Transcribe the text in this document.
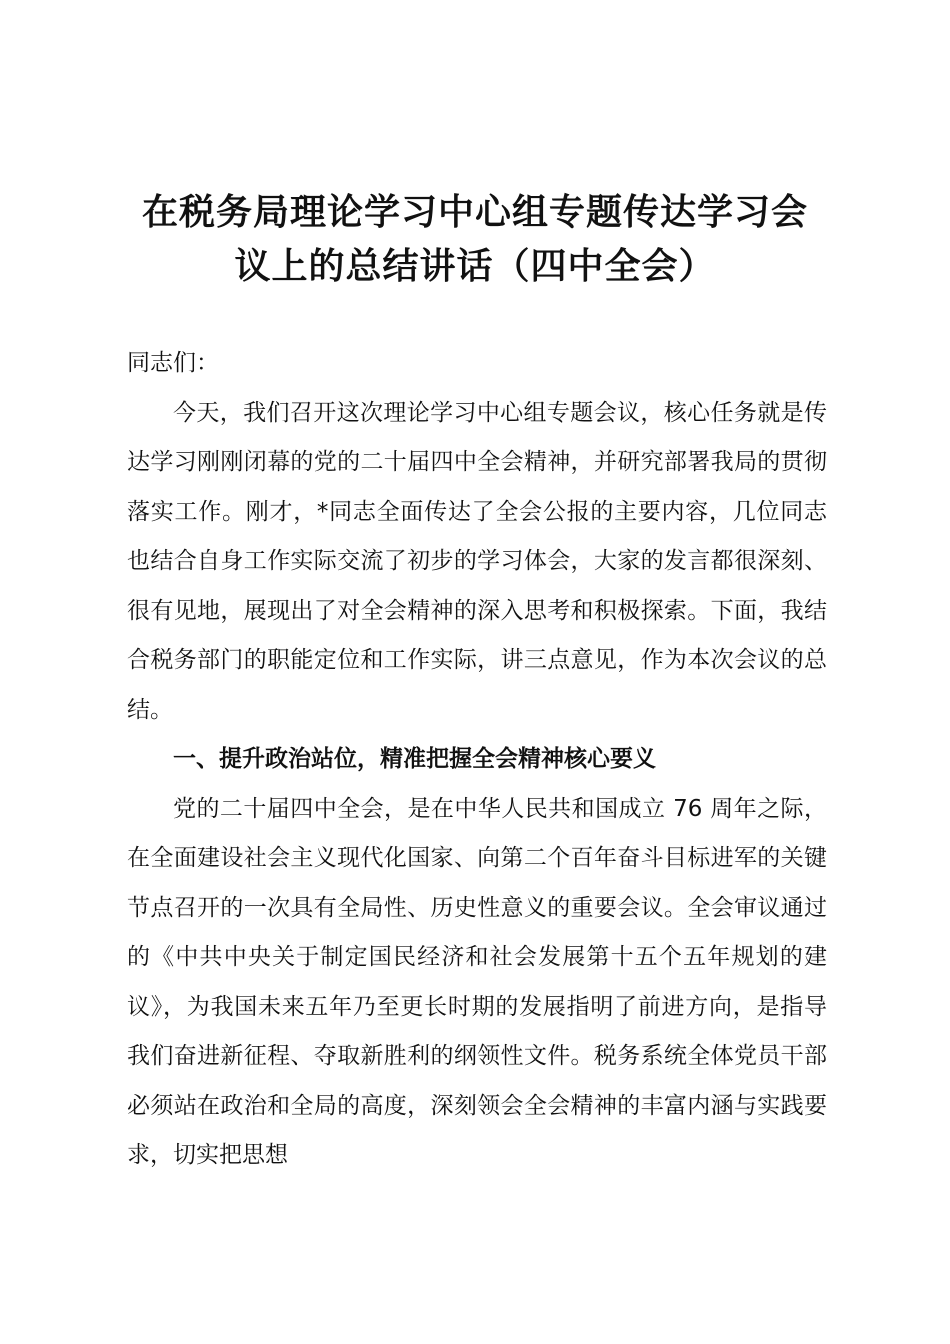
在税务局理论学习中心组专题传达学习会
议上的总结讲话（四中全会）

同志们：

今天，我们召开这次理论学习中心组专题会议，核心任务就是传达学习刚刚闭幕的党的二十届四中全会精神，并研究部署我局的贯彻落实工作。刚才，*同志全面传达了全会公报的主要内容，几位同志也结合自身工作实际交流了初步的学习体会，大家的发言都很深刻、很有见地，展现出了对全会精神的深入思考和积极探索。下面，我结合税务部门的职能定位和工作实际，讲三点意见，作为本次会议的总结。

一、提升政治站位，精准把握全会精神核心要义

党的二十届四中全会，是在中华人民共和国成立 76 周年之际，在全面建设社会主义现代化国家、向第二个百年奋斗目标进军的关键节点召开的一次具有全局性、历史性意义的重要会议。全会审议通过的《中共中央关于制定国民经济和社会发展第十五个五年规划的建议》，为我国未来五年乃至更长时期的发展指明了前进方向，是指导我们奋进新征程、夺取新胜利的纲领性文件。税务系统全体党员干部必须站在政治和全局的高度，深刻领会全会精神的丰富内涵与实践要求，切实把思想
